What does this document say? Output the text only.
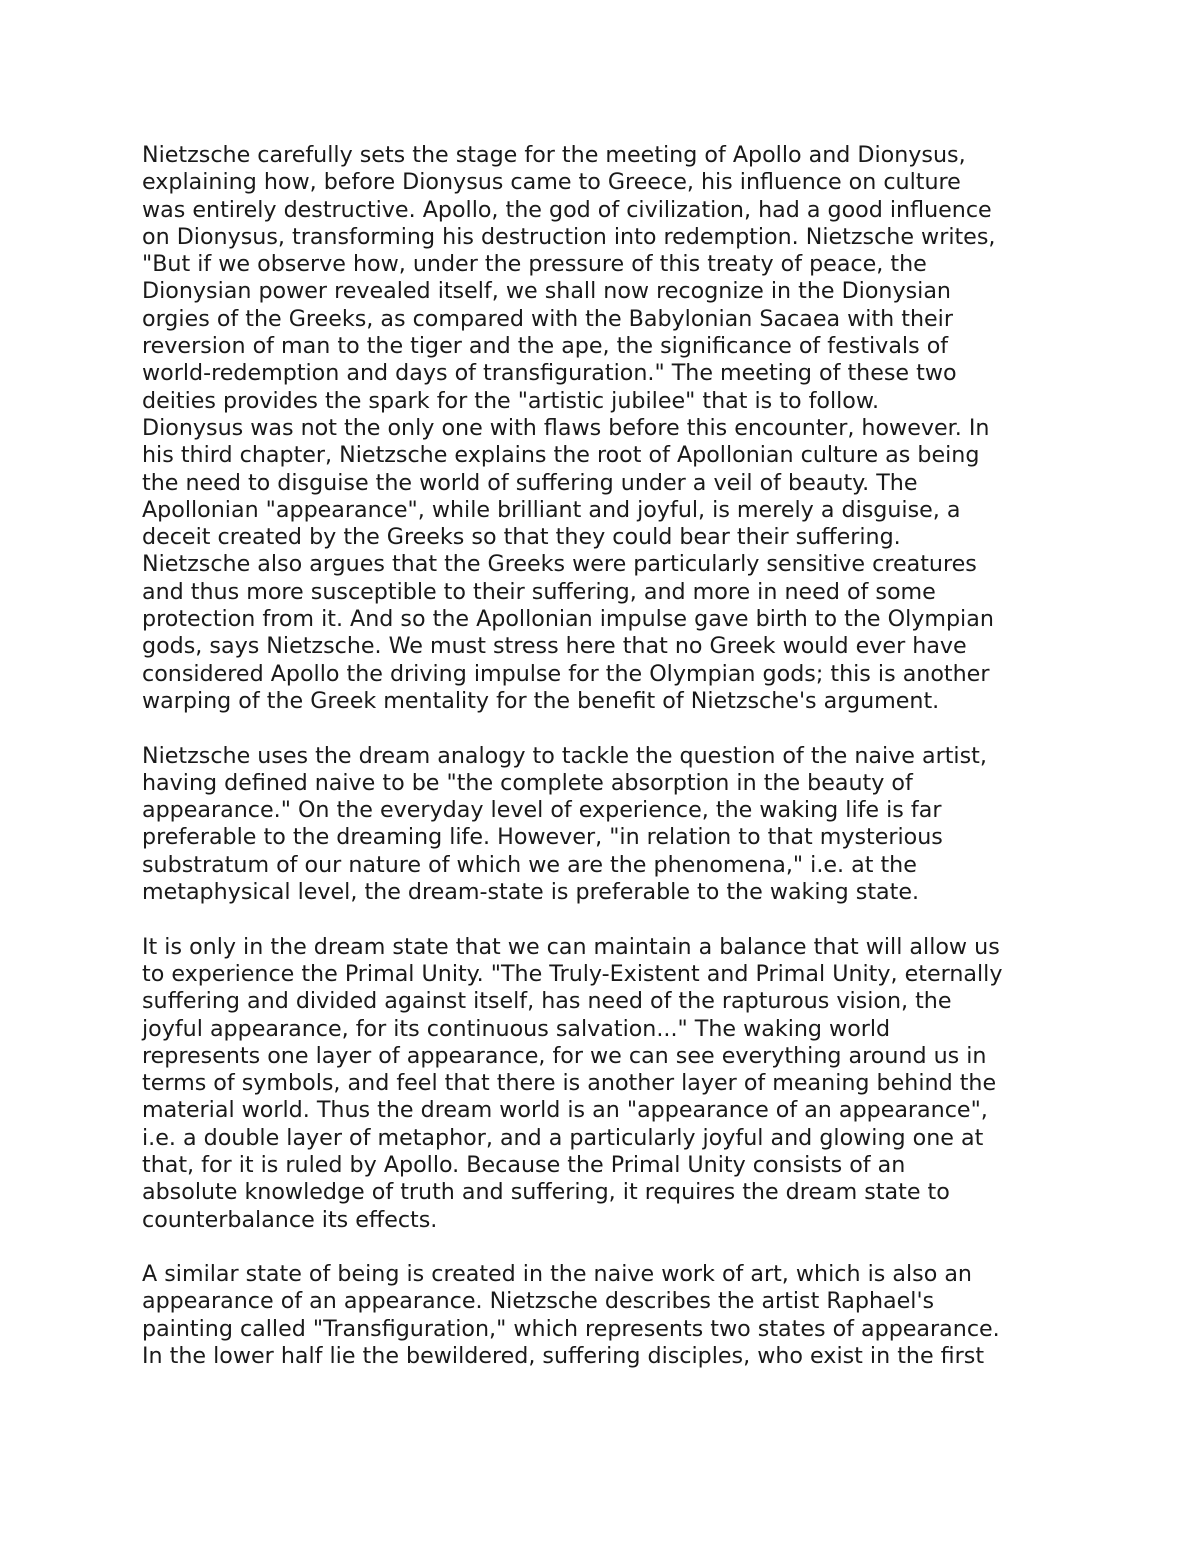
Nietzsche carefully sets the stage for the meeting of Apollo and Dionysus,
explaining how, before Dionysus came to Greece, his influence on culture
was entirely destructive. Apollo, the god of civilization, had a good influence
on Dionysus, transforming his destruction into redemption. Nietzsche writes,
"But if we observe how, under the pressure of this treaty of peace, the
Dionysian power revealed itself, we shall now recognize in the Dionysian
orgies of the Greeks, as compared with the Babylonian Sacaea with their
reversion of man to the tiger and the ape, the significance of festivals of
world-redemption and days of transfiguration." The meeting of these two
deities provides the spark for the "artistic jubilee" that is to follow.
Dionysus was not the only one with flaws before this encounter, however. In
his third chapter, Nietzsche explains the root of Apollonian culture as being
the need to disguise the world of suffering under a veil of beauty. The
Apollonian "appearance", while brilliant and joyful, is merely a disguise, a
deceit created by the Greeks so that they could bear their suffering.
Nietzsche also argues that the Greeks were particularly sensitive creatures
and thus more susceptible to their suffering, and more in need of some
protection from it. And so the Apollonian impulse gave birth to the Olympian
gods, says Nietzsche. We must stress here that no Greek would ever have
considered Apollo the driving impulse for the Olympian gods; this is another
warping of the Greek mentality for the benefit of Nietzsche's argument.
Nietzsche uses the dream analogy to tackle the question of the naive artist,
having defined naive to be "the complete absorption in the beauty of
appearance." On the everyday level of experience, the waking life is far
preferable to the dreaming life. However, "in relation to that mysterious
substratum of our nature of which we are the phenomena," i.e. at the
metaphysical level, the dream-state is preferable to the waking state.
It is only in the dream state that we can maintain a balance that will allow us
to experience the Primal Unity. "The Truly-Existent and Primal Unity, eternally
suffering and divided against itself, has need of the rapturous vision, the
joyful appearance, for its continuous salvation..." The waking world
represents one layer of appearance, for we can see everything around us in
terms of symbols, and feel that there is another layer of meaning behind the
material world. Thus the dream world is an "appearance of an appearance",
i.e. a double layer of metaphor, and a particularly joyful and glowing one at
that, for it is ruled by Apollo. Because the Primal Unity consists of an
absolute knowledge of truth and suffering, it requires the dream state to
counterbalance its effects.
A similar state of being is created in the naive work of art, which is also an
appearance of an appearance. Nietzsche describes the artist Raphael's
painting called "Transfiguration," which represents two states of appearance.
In the lower half lie the bewildered, suffering disciples, who exist in the first
